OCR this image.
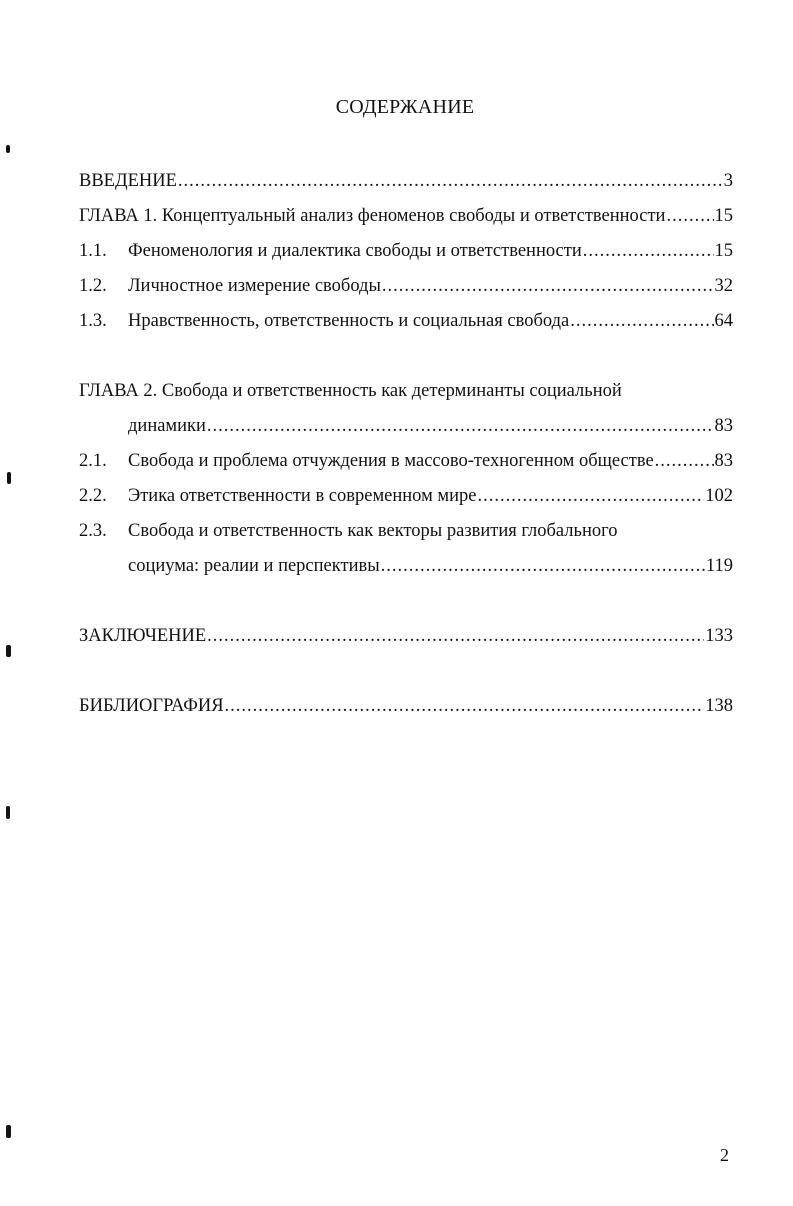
СОДЕРЖАНИЕ
ВВЕДЕНИЕ .....	3
ГЛАВА 1. Концептуальный анализ феноменов свободы и ответственности .....	15
1.1.	Феноменология и диалектика свободы и ответственности .....	15
1.2.	Личностное измерение свободы .....	32
1.3.	Нравственность, ответственность и социальная свобода .....	64
ГЛАВА 2. Свобода и ответственность как детерминанты социальной
динамики .....	83
2.1.	Свобода и проблема отчуждения в массово-техногенном обществе .....	83
2.2.	Этика ответственности в современном мире .....	102
2.3.	Свобода и ответственность как векторы развития глобального
социума: реалии и перспективы .....	119
ЗАКЛЮЧЕНИЕ .....	133
БИБЛИОГРАФИЯ .....	138
2
